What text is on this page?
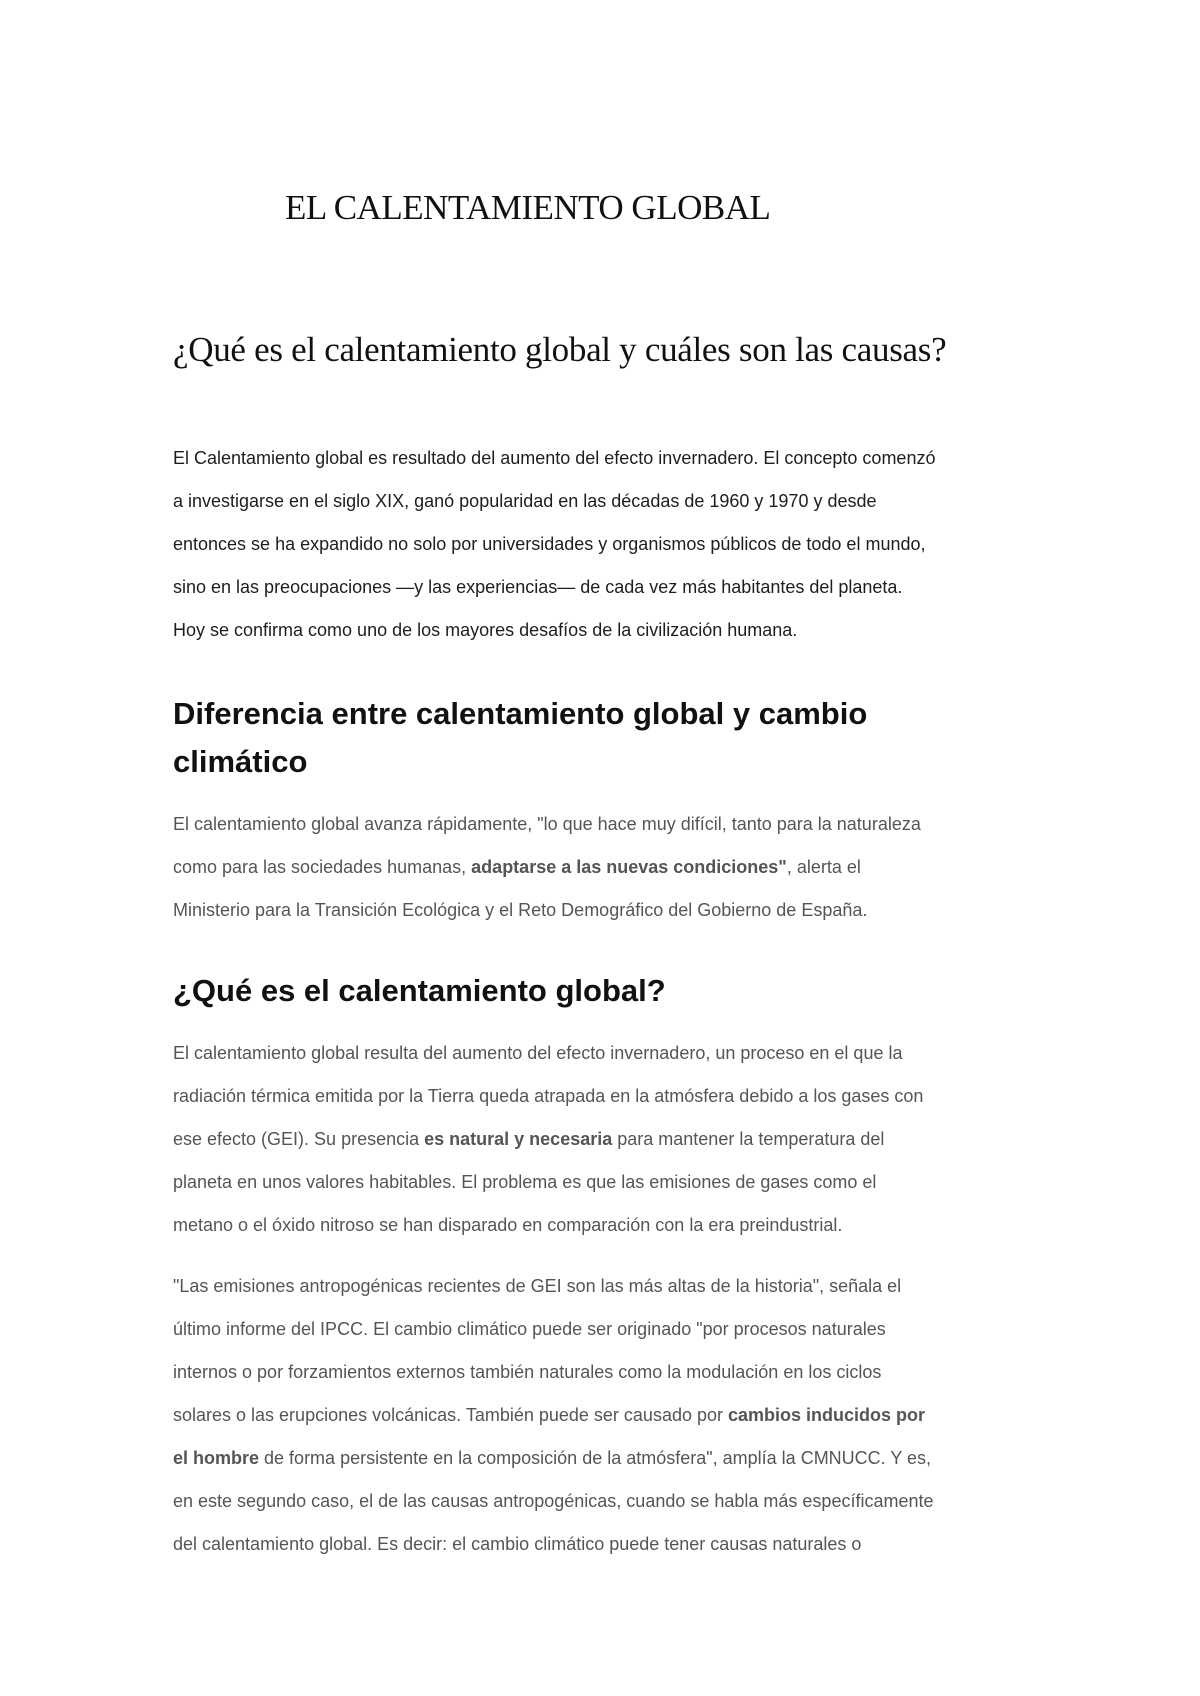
EL CALENTAMIENTO GLOBAL
¿Qué es el calentamiento global y cuáles son las causas?

El Calentamiento global es resultado del aumento del efecto invernadero. El concepto comenzó

a investigarse en el siglo XIX, ganó popularidad en las décadas de 1960 y 1970 y desde

entonces se ha expandido no solo por universidades y organismos públicos de todo el mundo,

sino en las preocupaciones —y las experiencias— de cada vez más habitantes del planeta.

Hoy se confirma como uno de los mayores desafíos de la civilización humana.

Diferencia entre calentamiento global y cambio
climático

El calentamiento global avanza rápidamente, "lo que hace muy difícil, tanto para la naturaleza

como para las sociedades humanas, adaptarse a las nuevas condiciones", alerta el

Ministerio para la Transición Ecológica y el Reto Demográfico del Gobierno de España.

¿Qué es el calentamiento global?

El calentamiento global resulta del aumento del efecto invernadero, un proceso en el que la

radiación térmica emitida por la Tierra queda atrapada en la atmósfera debido a los gases con

ese efecto (GEI). Su presencia es natural y necesaria para mantener la temperatura del

planeta en unos valores habitables. El problema es que las emisiones de gases como el

metano o el óxido nitroso se han disparado en comparación con la era preindustrial.

"Las emisiones antropogénicas recientes de GEI son las más altas de la historia", señala el

último informe del IPCC. El cambio climático puede ser originado "por procesos naturales

internos o por forzamientos externos también naturales como la modulación en los ciclos

solares o las erupciones volcánicas. También puede ser causado por cambios inducidos por

el hombre de forma persistente en la composición de la atmósfera", amplía la CMNUCC. Y es,

en este segundo caso, el de las causas antropogénicas, cuando se habla más específicamente

del calentamiento global. Es decir: el cambio climático puede tener causas naturales o
